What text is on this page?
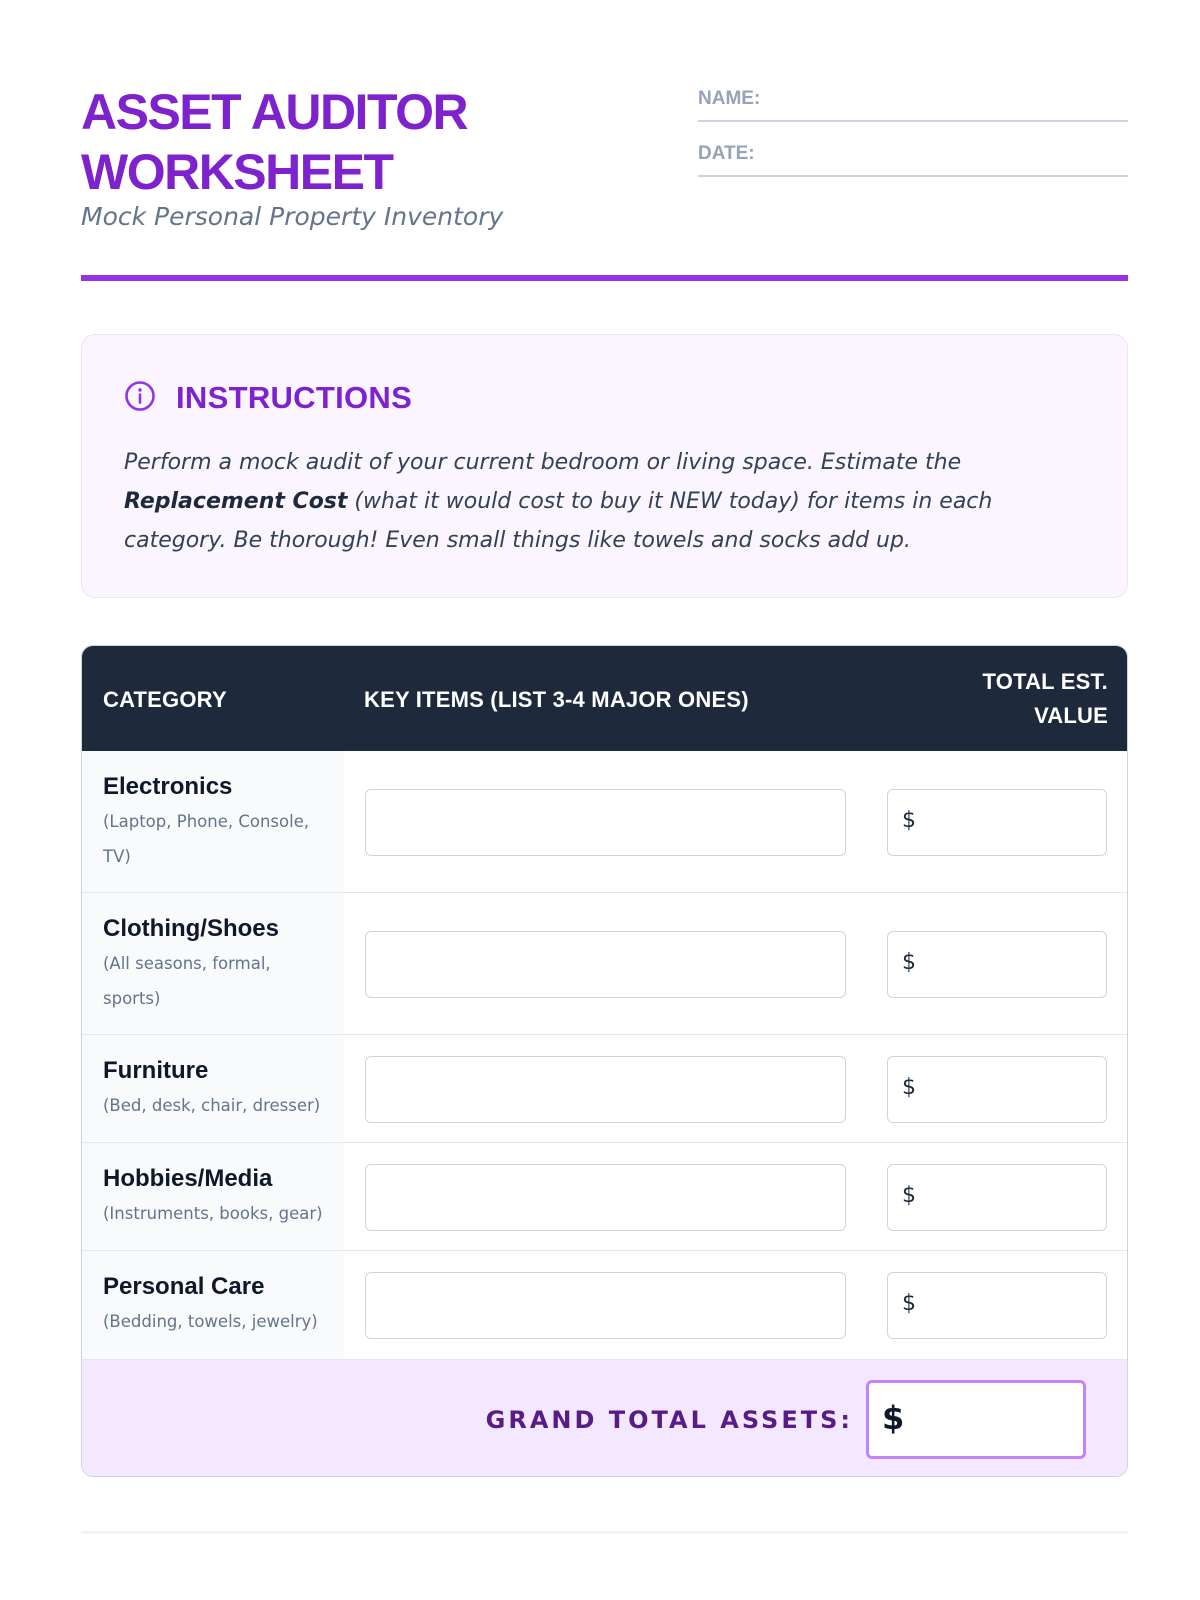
ASSET AUDITOR
WORKSHEET
Mock Personal Property Inventory
NAME:
DATE:
INSTRUCTIONS
Perform a mock audit of your current bedroom or living space. Estimate the Replacement Cost (what it would cost to buy it NEW today) for items in each category. Be thorough! Even small things like towels and socks add up.
CATEGORY	KEY ITEMS (LIST 3-4 MAJOR ONES)
TOTAL EST.
VALUE
Electronics
(Laptop, Phone, Console, TV)
$
Clothing/Shoes
(All seasons, formal, sports)
$
Furniture
(Bed, desk, chair, dresser)
$
Hobbies/Media
(Instruments, books, gear)
$
Personal Care
(Bedding, towels, jewelry)
$
GRAND TOTAL ASSETS: $
